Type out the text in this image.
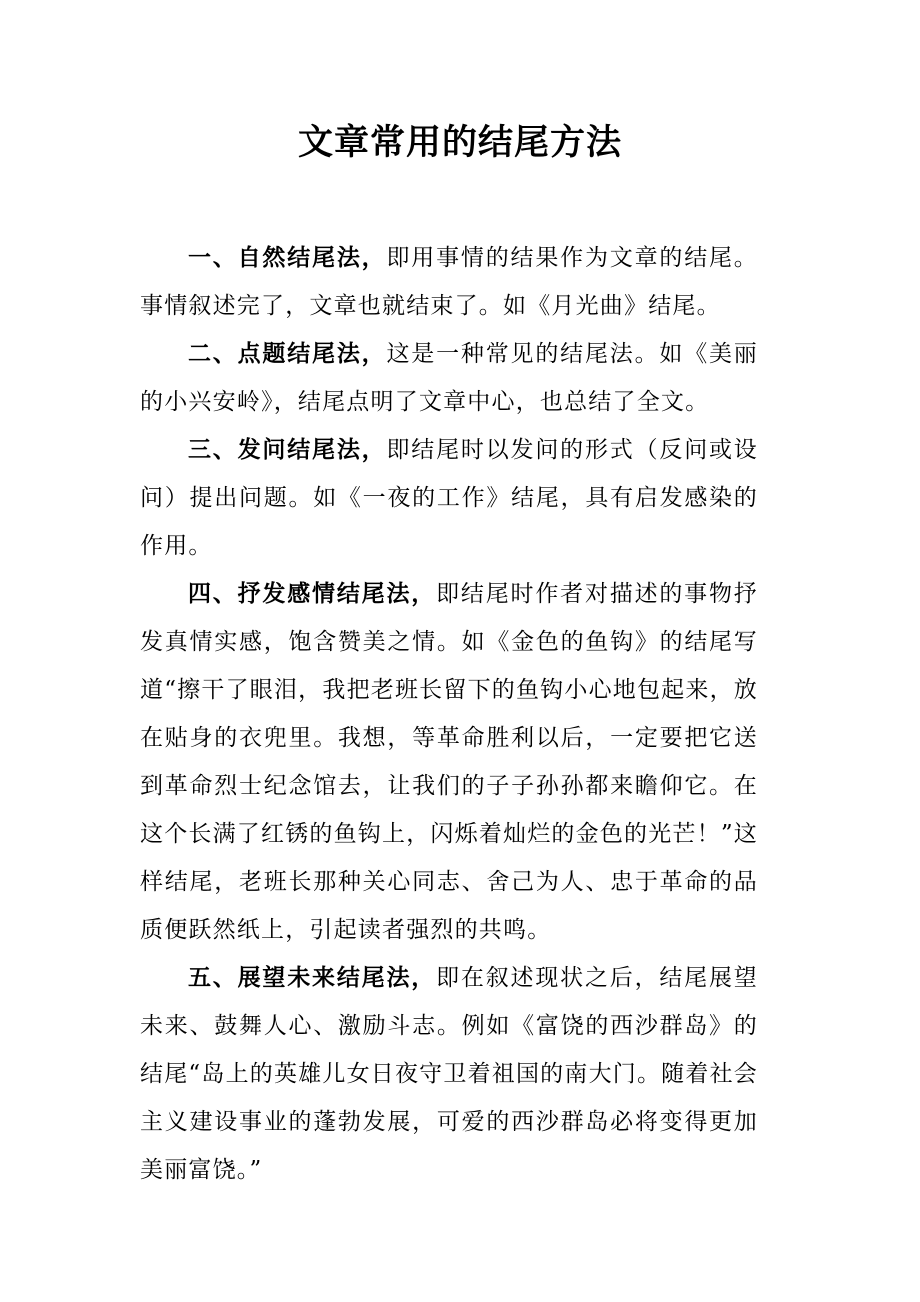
文章常用的结尾方法

一、自然结尾法，即用事情的结果作为文章的结尾。事情叙述完了，文章也就结束了。如《月光曲》结尾。

二、点题结尾法，这是一种常见的结尾法。如《美丽的小兴安岭》，结尾点明了文章中心，也总结了全文。

三、发问结尾法，即结尾时以发问的形式（反问或设问）提出问题。如《一夜的工作》结尾，具有启发感染的作用。

四、抒发感情结尾法，即结尾时作者对描述的事物抒发真情实感，饱含赞美之情。如《金色的鱼钩》的结尾写道“擦干了眼泪，我把老班长留下的鱼钩小心地包起来，放在贴身的衣兜里。我想，等革命胜利以后，一定要把它送到革命烈士纪念馆去，让我们的子子孙孙都来瞻仰它。在这个长满了红锈的鱼钩上，闪烁着灿烂的金色的光芒！”这样结尾，老班长那种关心同志、舍己为人、忠于革命的品质便跃然纸上，引起读者强烈的共鸣。

五、展望未来结尾法，即在叙述现状之后，结尾展望未来、鼓舞人心、激励斗志。例如《富饶的西沙群岛》的结尾“岛上的英雄儿女日夜守卫着祖国的南大门。随着社会主义建设事业的蓬勃发展，可爱的西沙群岛必将变得更加美丽富饶。”
